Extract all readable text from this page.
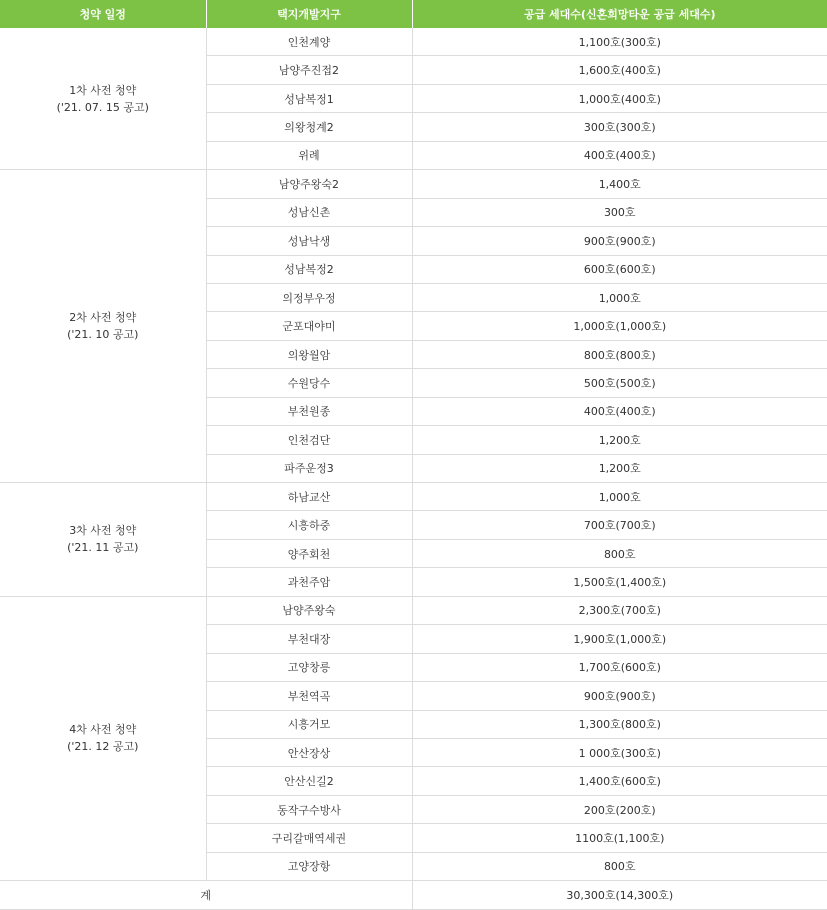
청약 일정	택지개발지구	공급 세대수(신혼희망타운 공급 세대수)
1차 사전 청약
('21. 07. 15 공고)	인천계양	1,100호(300호)
	남양주진접2	1,600호(400호)
	성남복정1	1,000호(400호)
	의왕청계2	300호(300호)
	위례	400호(400호)
2차 사전 청약
('21. 10 공고)	남양주왕숙2	1,400호
	성남신촌	300호
	성남낙생	900호(900호)
	성남복정2	600호(600호)
	의정부우정	1,000호
	군포대야미	1,000호(1,000호)
	의왕월암	800호(800호)
	수원당수	500호(500호)
	부천원종	400호(400호)
	인천검단	1,200호
	파주운정3	1,200호
3차 사전 청약
('21. 11 공고)	하남교산	1,000호
	시흥하중	700호(700호)
	양주회천	800호
	과천주암	1,500호(1,400호)
4차 사전 청약
('21. 12 공고)	남양주왕숙	2,300호(700호)
	부천대장	1,900호(1,000호)
	고양창릉	1,700호(600호)
	부천역곡	900호(900호)
	시흥거모	1,300호(800호)
	안산장상	1 000호(300호)
	안산신길2	1,400호(600호)
	동작구수방사	200호(200호)
	구리갈매역세권	1100호(1,100호)
	고양장항	800호
계		30,300호(14,300호)
